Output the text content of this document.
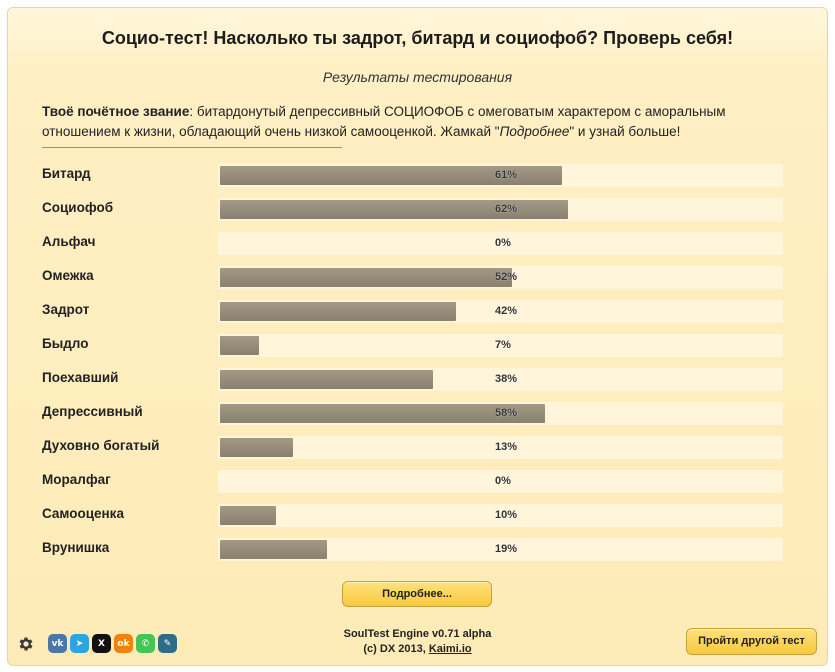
Социо-тест! Насколько ты задрот, битард и социофоб? Проверь себя!
Результаты тестирования
Твоё почётное звание: битардонутый депрессивный СОЦИОФОБ с омеговатым характером с аморальным отношением к жизни, обладающий очень низкой самооценкой. Жамкай "Подробнее" и узнай больше!
Битард	61%
Социофоб	62%
Альфач	0%
Омежка	52%
Задрот	42%
Быдло	7%
Поехавший	38%
Депрессивный	58%
Духовно богатый	13%
Моралфаг	0%
Самооценка	10%
Врунишка	19%
Подробнее...
SoulTest Engine v0.71 alpha
(c) DX 2013, Kaimi.io
Пройти другой тест
vk	➤	X	ok	✆	✎
